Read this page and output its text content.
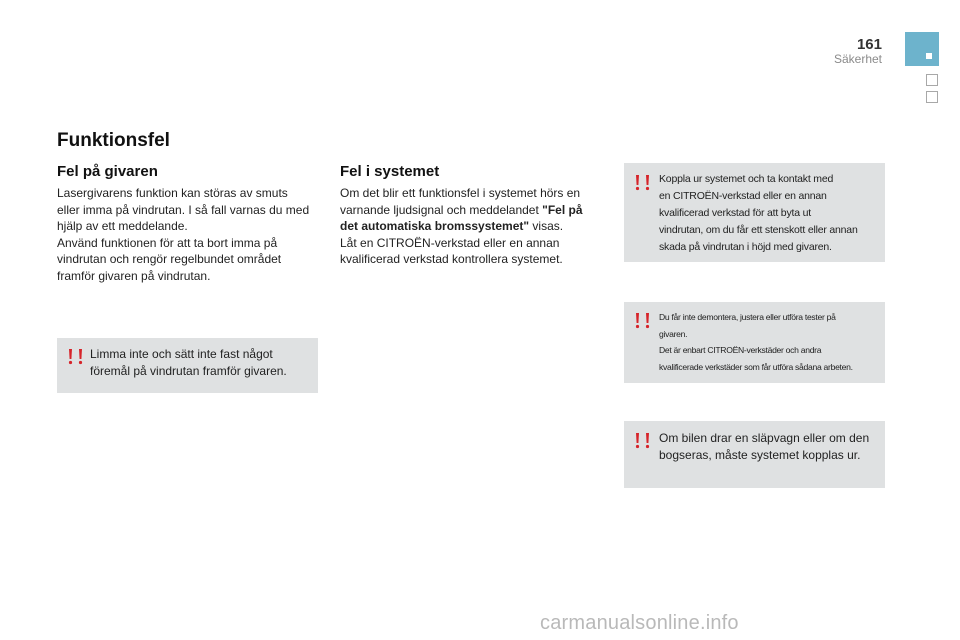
161
Säkerhet
Funktionsfel
Fel på givaren
Lasergivarens funktion kan störas av smuts
eller imma på vindrutan. I så fall varnas du med
hjälp av ett meddelande.
Använd funktionen för att ta bort imma på
vindrutan och rengör regelbundet området
framför givaren på vindrutan.
Limma inte och sätt inte fast något
föremål på vindrutan framför givaren.
Fel i systemet
Om det blir ett funktionsfel i systemet hörs en
varnande ljudsignal och meddelandet "Fel på
det automatiska bromssystemet" visas.
Låt en CITROËN-verkstad eller en annan
kvalificerad verkstad kontrollera systemet.
Koppla ur systemet och ta kontakt med
en CITROËN-verkstad eller en annan
kvalificerad verkstad för att byta ut
vindrutan, om du får ett stenskott eller annan
skada på vindrutan i höjd med givaren.
Du får inte demontera, justera eller utföra tester på
givaren.
Det är enbart CITROËN-verkstäder och andra
kvalificerade verkstäder som får utföra sådana arbeten.
Om bilen drar en släpvagn eller om den
bogseras, måste systemet kopplas ur.
carmanualsonline.info
